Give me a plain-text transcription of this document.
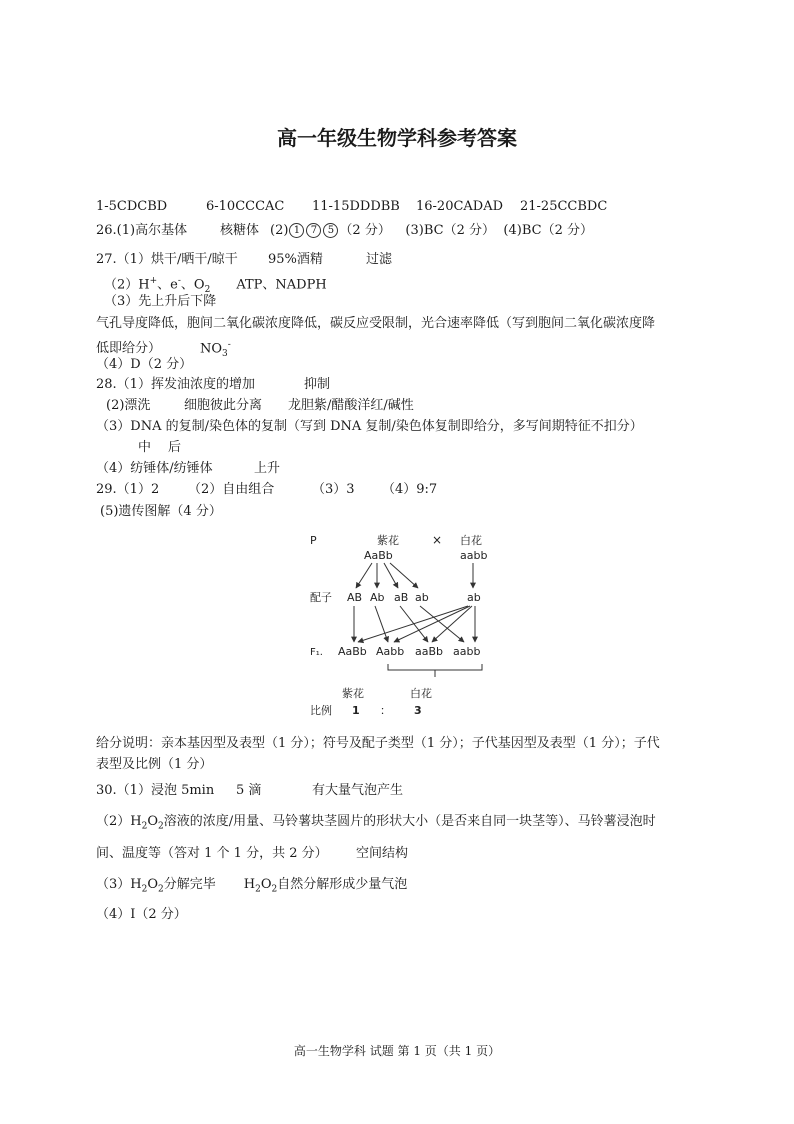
高一年级生物学科参考答案
1-5CDCBD	6-10CCCAC 11-15DDDBB 16-20CADAD 21-25CCBDC
26.(1)高尔基体	核糖体 (2) 1 7 5 （2 分） (3)BC（2 分） (4)BC（2 分）
27.（1）烘干/晒干/晾干 95%酒精	过滤
（2）H+、e-、$O_2$ ATP、NADPH
（3）先上升后下降
气孔导度降低，胞间二氧化碳浓度降低，碳反应受限制，光合速率降低（写到胞间二氧化碳浓度降
低即给分）	$NO_3^-$
（4）D（2 分）
28.（1）挥发油浓度的增加	抑制
(2)漂洗	细胞彼此分离 龙胆紫/醋酸洋红/碱性
（3）DNA 的复制/染色体的复制（写到 DNA 复制/染色体复制即给分，多写间期特征不扣分）
中 后
（4）纺锤体/纺锤体	上升
29.（1）2 （2）自由组合	（3）3 （4）9:7
(5)遗传图解（4 分）
P	紫花	× 白花
AaBb	aabb
配子 AB Ab aB ab	ab
F₁. AaBb Aabb aaBb aabb
紫花	白花
比例 1 ： 3
给分说明：亲本基因型及表型（1 分）；符号及配子类型（1 分）；子代基因型及表型（1 分）；子代
表型及比例（1 分）
30.（1）浸泡 5min 5 滴	有大量气泡产生
$(2)H_2O_2$溶液的浓度/用量、马铃薯块茎圆片的形状大小（是否来自同一块茎等）、马铃薯浸泡时
间、温度等（答对 1 个 1 分，共 2 分） 空间结构
$(3)H_2O_2$分解完毕 $H_2O_2$自然分解形成少量气泡
（4）I（2 分）
高一生物学科 试题 第 1 页（共 1 页）
